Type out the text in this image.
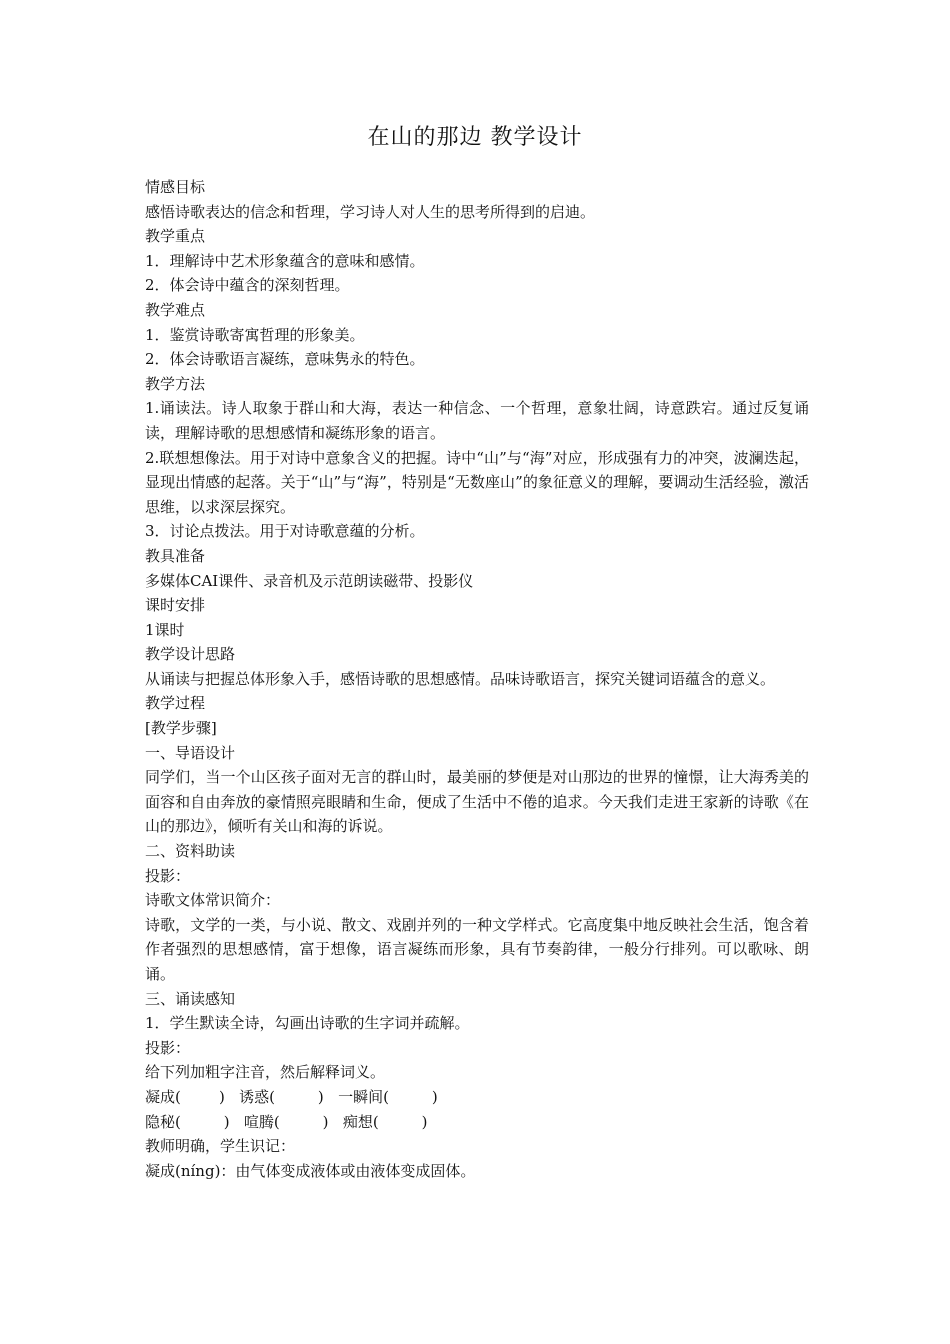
在山的那边 教学设计

情感目标

感悟诗歌表达的信念和哲理，学习诗人对人生的思考所得到的启迪。

教学重点

1．理解诗中艺术形象蕴含的意味和感情。

2．体会诗中蕴含的深刻哲理。

教学难点

1．鉴赏诗歌寄寓哲理的形象美。

2．体会诗歌语言凝练，意味隽永的特色。

教学方法

1.诵读法。诗人取象于群山和大海，表达一种信念、一个哲理，意象壮阔，诗意跌宕。通过反复诵读，理解诗歌的思想感情和凝练形象的语言。

2.联想想像法。用于对诗中意象含义的把握。诗中“山”与“海”对应，形成强有力的冲突，波澜迭起，显现出情感的起落。关于“山”与“海”，特别是“无数座山”的象征意义的理解，要调动生活经验，激活思维，以求深层探究。

3．讨论点拨法。用于对诗歌意蕴的分析。

教具准备

多媒体CAI课件、录音机及示范朗读磁带、投影仪

课时安排

1课时

教学设计思路

从诵读与把握总体形象入手，感悟诗歌的思想感情。品味诗歌语言，探究关键词语蕴含的意义。

教学过程

[教学步骤]

一、导语设计

同学们，当一个山区孩子面对无言的群山时，最美丽的梦便是对山那边的世界的憧憬，让大海秀美的面容和自由奔放的豪情照亮眼睛和生命，便成了生活中不倦的追求。今天我们走进王家新的诗歌《在山的那边》，倾听有关山和海的诉说。

二、资料助读

投影：

诗歌文体常识简介：

诗歌，文学的一类，与小说、散文、戏剧并列的一种文学样式。它高度集中地反映社会生活，饱含着作者强烈的思想感情，富于想像，语言凝练而形象，具有节奏韵律，一般分行排列。可以歌咏、朗诵。

三、诵读感知

1．学生默读全诗，勾画出诗歌的生字词并疏解。

投影：

给下列加粗字注音，然后解释词义。

凝成(        )   诱惑(         )   一瞬间(         )

隐秘(         )   喧腾(         )   痴想(         )

教师明确，学生识记：

凝成(níng)：由气体变成液体或由液体变成固体。
